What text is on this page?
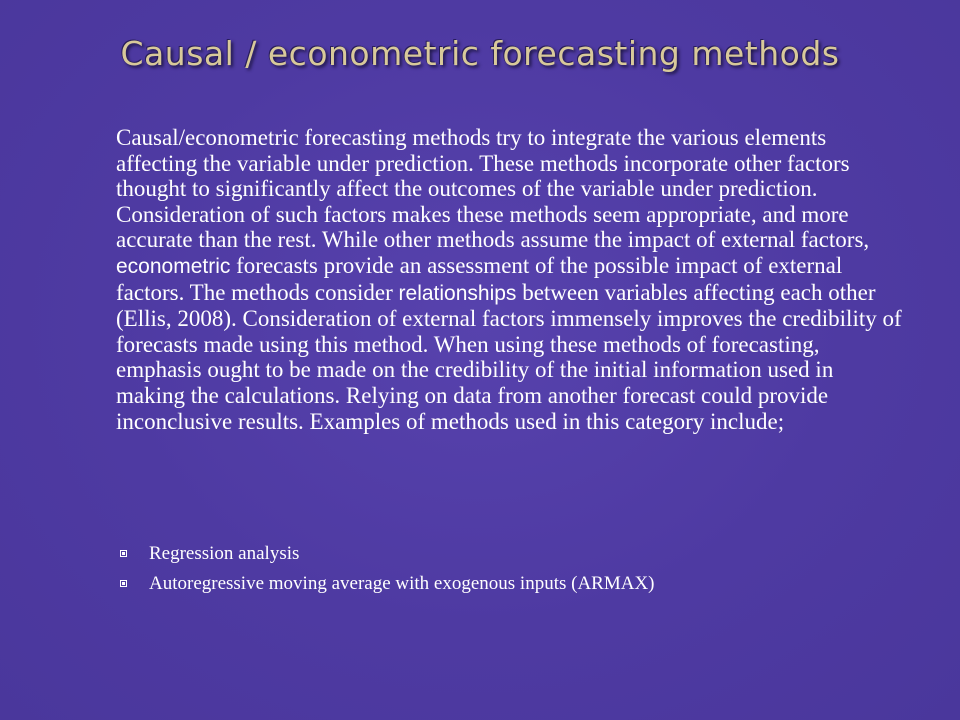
Causal / econometric forecasting methods

Causal/econometric forecasting methods try to integrate the various elements affecting the variable under prediction. These methods incorporate other factors thought to significantly affect the outcomes of the variable under prediction. Consideration of such factors makes these methods seem appropriate, and more accurate than the rest. While other methods assume the impact of external factors, econometric forecasts provide an assessment of the possible impact of external factors. The methods consider relationships between variables affecting each other (Ellis, 2008). Consideration of external factors immensely improves the credibility of forecasts made using this method. When using these methods of forecasting, emphasis ought to be made on the credibility of the initial information used in making the calculations. Relying on data from another forecast could provide inconclusive results. Examples of methods used in this category include;

Regression analysis
Autoregressive moving average with exogenous inputs (ARMAX)
